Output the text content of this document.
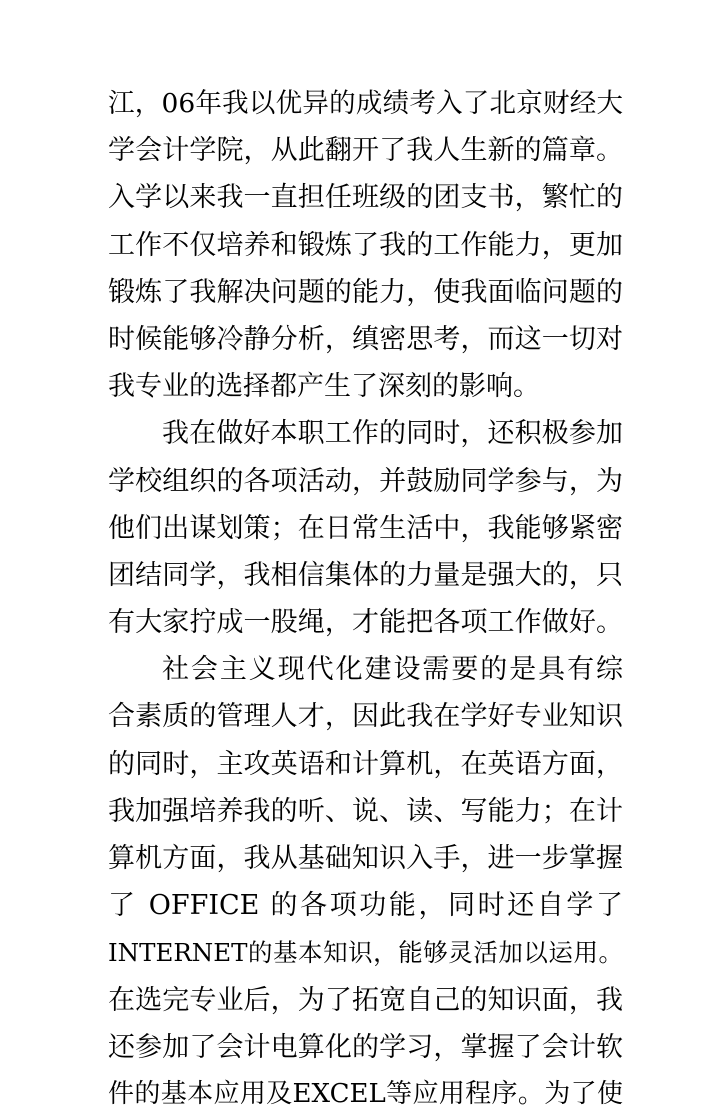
江，06年我以优异的成绩考入了北京财经大
学会计学院，从此翻开了我人生新的篇章。
入学以来我一直担任班级的团支书，繁忙的
工作不仅培养和锻炼了我的工作能力，更加
锻炼了我解决问题的能力，使我面临问题的
时候能够冷静分析，缜密思考，而这一切对
我专业的选择都产生了深刻的影响。
我在做好本职工作的同时，还积极参加
学校组织的各项活动，并鼓励同学参与，为
他们出谋划策；在日常生活中，我能够紧密
团结同学，我相信集体的力量是强大的，只
有大家拧成一股绳，才能把各项工作做好。
社会主义现代化建设需要的是具有综
合素质的管理人才，因此我在学好专业知识
的同时，主攻英语和计算机，在英语方面，
我加强培养我的听、说、读、写能力；在计
算机方面，我从基础知识入手，进一步掌握
了 OFFICE 的各项功能，同时还自学了
INTERNET的基本知识，能够灵活加以运用。
在选完专业后，为了拓宽自己的知识面，我
还参加了会计电算化的学习，掌握了会计软
件的基本应用及EXCEL等应用程序。为了使
